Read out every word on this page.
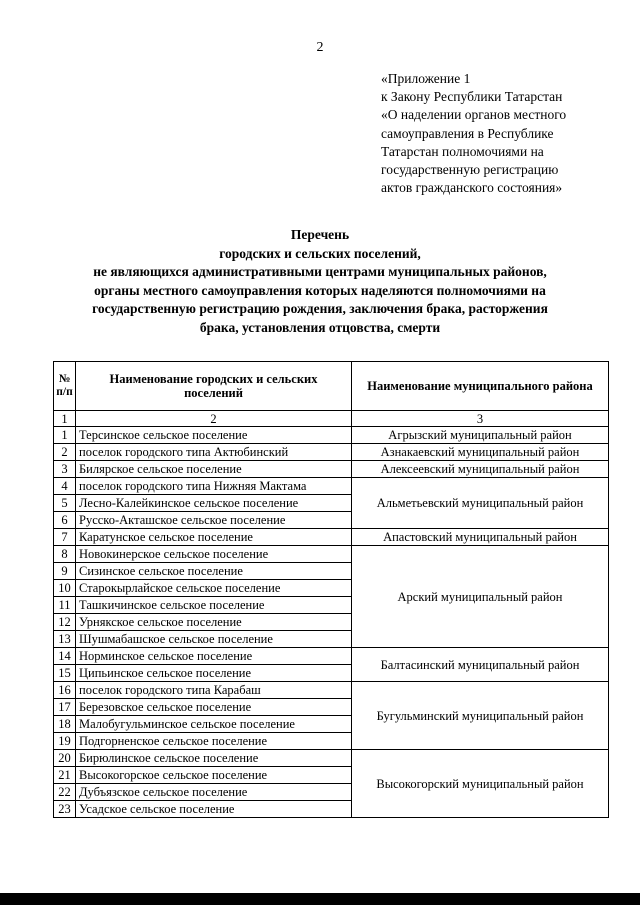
2
«Приложение 1
к Закону Республики Татарстан
«О наделении органов местного
самоуправления в Республике
Татарстан полномочиями на
государственную регистрацию
актов гражданского состояния»
Перечень
городских и сельских поселений,
не являющихся административными центрами муниципальных районов,
органы местного самоуправления которых наделяются полномочиями на
государственную регистрацию рождения, заключения брака, расторжения
брака, установления отцовства, смерти
№ п/п	Наименование городских и сельских поселений	Наименование муниципального района
1	2	3
1	Терсинское сельское поселение	Агрызский муниципальный район
2	поселок городского типа Актюбинский	Азнакаевский муниципальный район
3	Билярское сельское поселение	Алексеевский муниципальный район
4	поселок городского типа Нижняя Мактама	Альметьевский муниципальный район
5	Лесно-Калейкинское сельское поселение	
6	Русско-Акташское сельское поселение	
7	Каратунское сельское поселение	Апастовский муниципальный район
8	Новокинерское сельское поселение	Арский муниципальный район
9	Сизинское сельское поселение	
10	Старокырлайское сельское поселение	
11	Ташкичинское сельское поселение	
12	Урнякское сельское поселение	
13	Шушмабашское сельское поселение	
14	Норминское сельское поселение	Балтасинский муниципальный район
15	Ципьинское сельское поселение	
16	поселок городского типа Карабаш	Бугульминский муниципальный район
17	Березовское сельское поселение	
18	Малобугульминское сельское поселение	
19	Подгорненское сельское поселение	
20	Бирюлинское сельское поселение	Высокогорский муниципальный район
21	Высокогорское сельское поселение	
22	Дубъязское сельское поселение	
23	Усадское сельское поселение	
